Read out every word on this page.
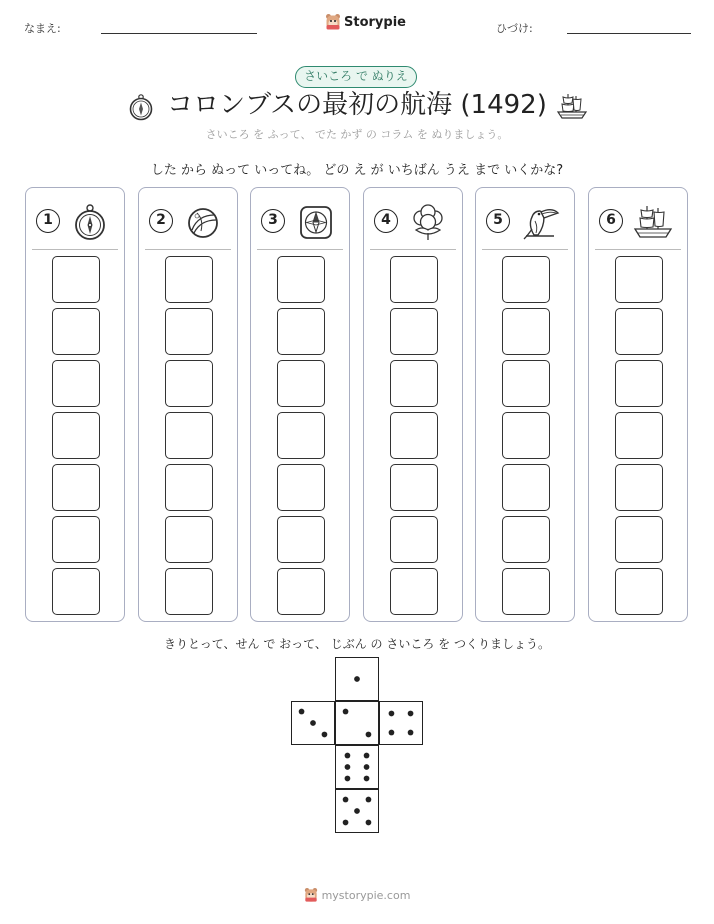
なまえ:	Storypie	ひづけ:
さいころ で ぬりえ
コロンブスの最初の航海 (1492)
さいころ を ふって、 でた かず の コラム を ぬりましょう。
した から ぬって いってね。 どの え が いちばん うえ まで いくかな?
1	2	3	4	5	6
きりとって、せん で おって、 じぶん の さいころ を つくりましょう。
mystorypie.com
